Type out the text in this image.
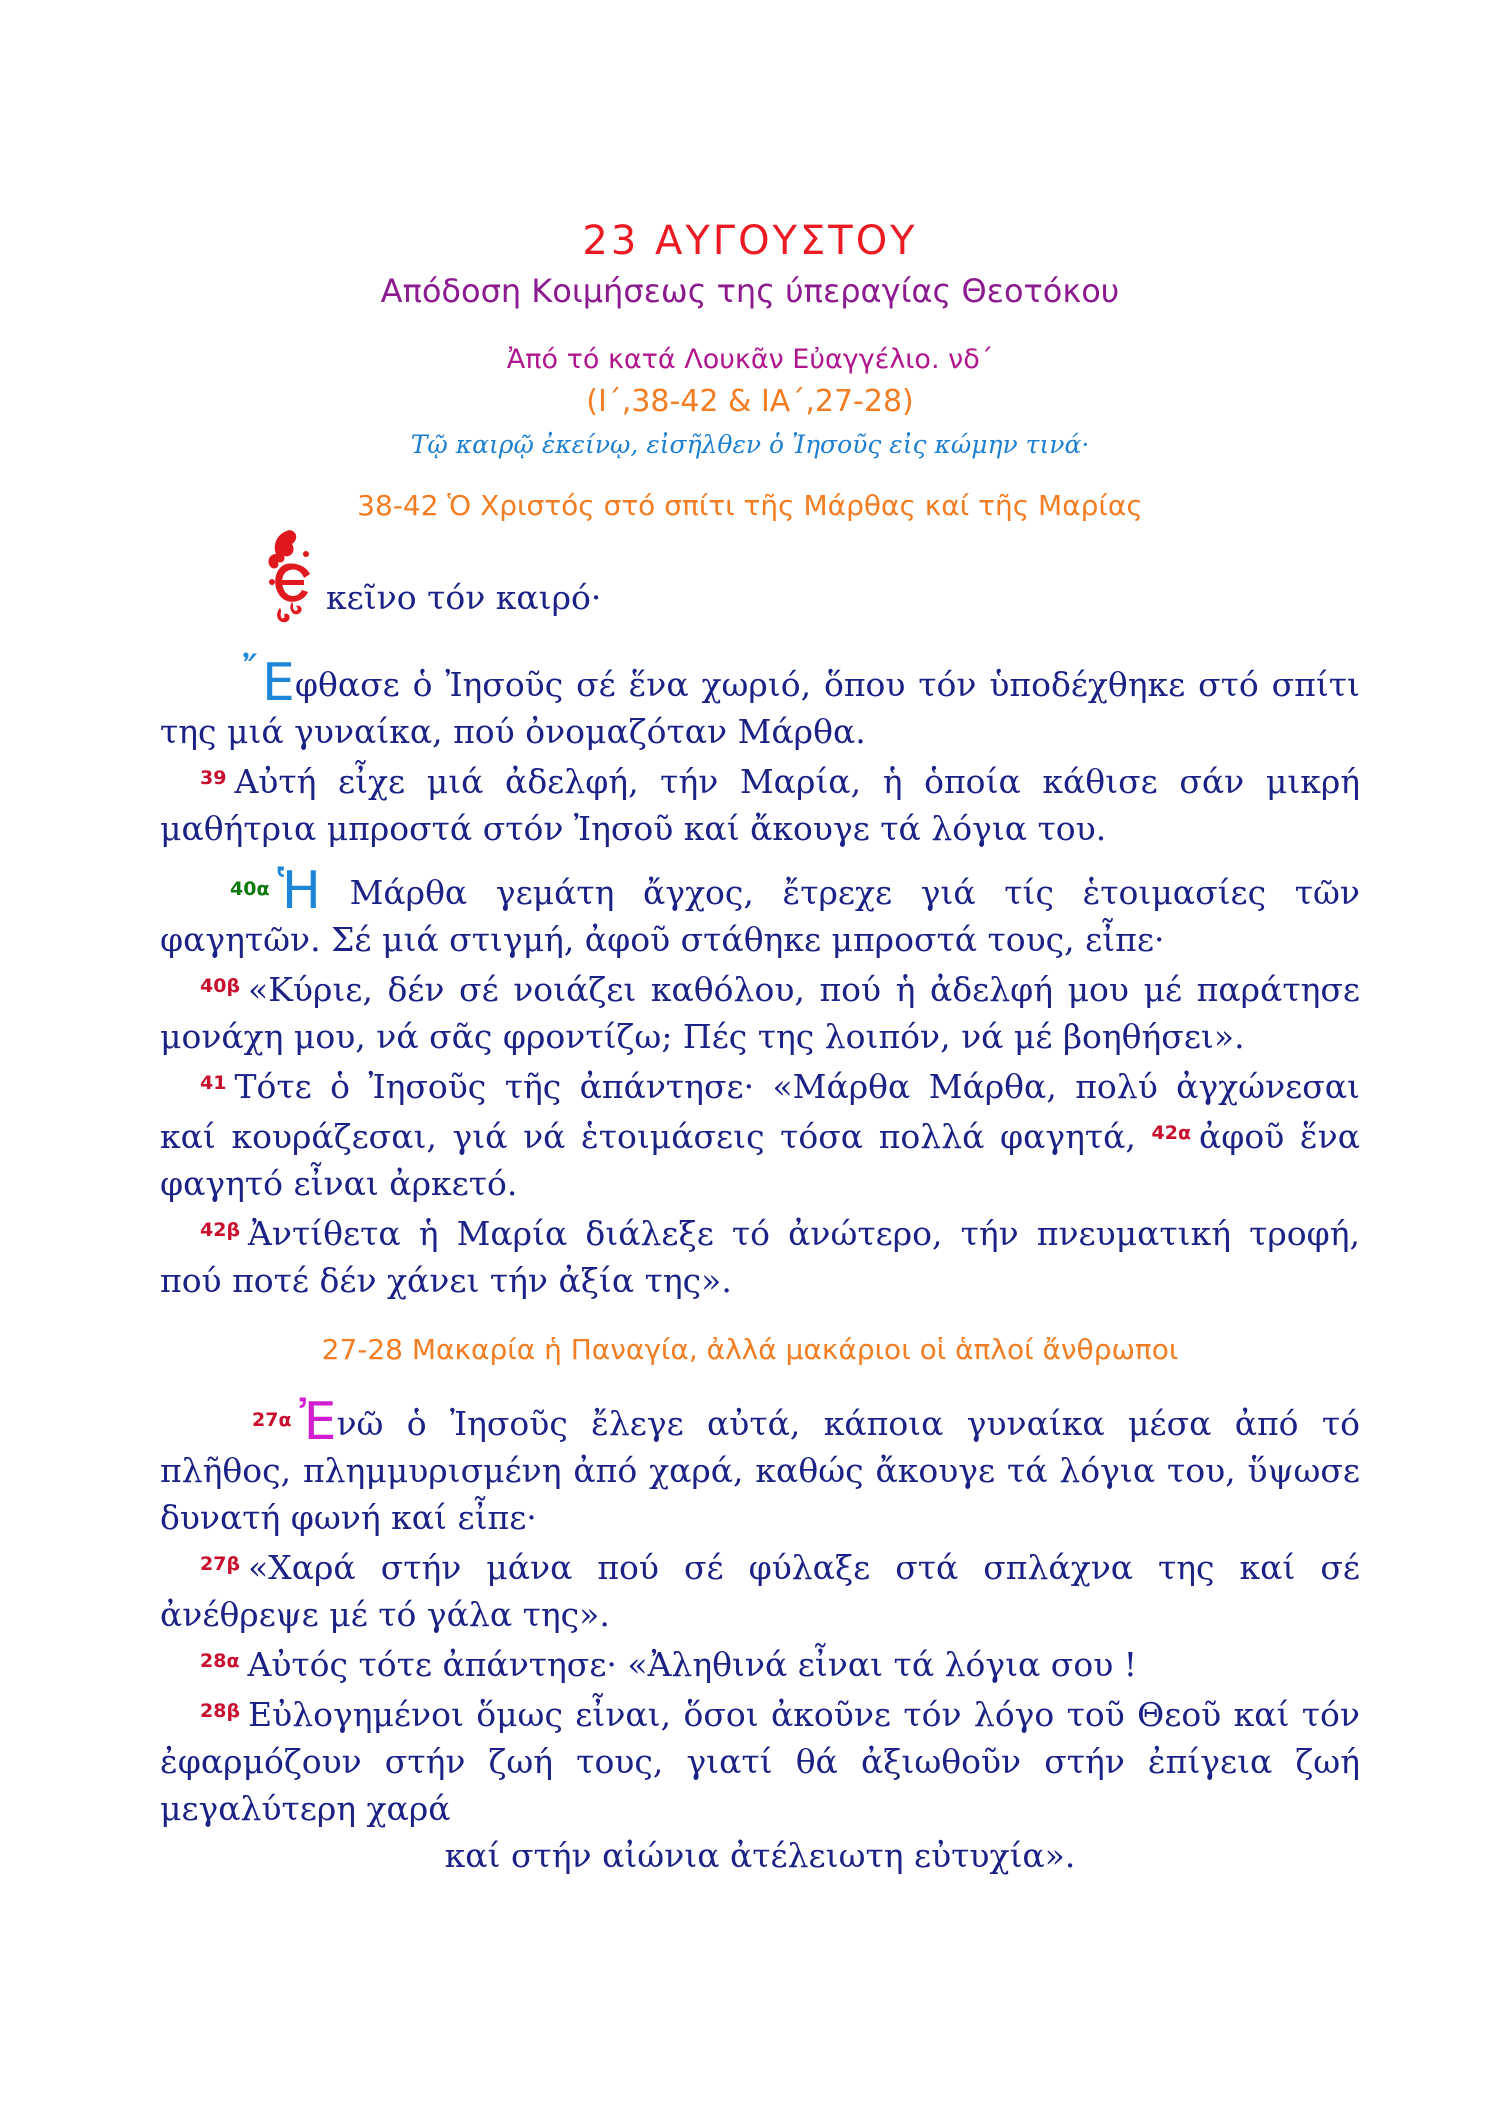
23 ΑΥΓΟΥΣΤΟΥ
Απόδοση Κοιμήσεως της ύπεραγίας Θεοτόκου
Ἀπό τό κατά Λουκᾶν Εὐαγγέλιο. νδ΄
(Ι΄,38-42 & ΙΑ΄,27-28)
Τῷ καιρῷ ἐκείνῳ, εἰσῆλθεν ὁ Ἰησοῦς εἰς κώμην τινά·
38-42 Ὁ Χριστός στό σπίτι τῆς Μάρθας καί τῆς Μαρίας
κεῖνο τόν καιρό·

῎Εφθασε ὁ Ἰησοῦς σέ ἕνα χωριό, ὅπου τόν ὑποδέχθηκε στό σπίτι της μιά γυναίκα, πού ὀνομαζόταν Μάρθα.

$^{39}$ Αὐτή εἶχε μιά ἀδελφή, τήν Μαρία, ἡ ὁποία κάθισε σάν μικρή μαθήτρια μπροστά στόν Ἰησοῦ καί ἄκουγε τά λόγια του.

$^{40\alpha}$ Ἡ Μάρθα γεμάτη ἄγχος, ἔτρεχε γιά τίς ἑτοιμασίες τῶν φαγητῶν. Σέ μιά στιγμή, ἀφοῦ στάθηκε μπροστά τους, εἶπε·

$^{40\beta}$ «Κύριε, δέν σέ νοιάζει καθόλου, πού ἡ ἀδελφή μου μέ παράτησε μονάχη μου, νά σᾶς φροντίζω; Πές της λοιπόν, νά μέ βοηθήσει».

$^{41}$ Τότε ὁ Ἰησοῦς τῆς ἀπάντησε· «Μάρθα Μάρθα, πολύ ἀγχώνεσαι καί κουράζεσαι, γιά νά ἑτοιμάσεις τόσα πολλά φαγητά, $^{42\alpha}$ ἀφοῦ ἕνα φαγητό εἶναι ἀρκετό.

$^{42\beta}$ Ἀντίθετα ἡ Μαρία διάλεξε τό ἀνώτερο, τήν πνευματική τροφή, πού ποτέ δέν χάνει τήν ἀξία της».

27-28 Μακαρία ἡ Παναγία, ἀλλά μακάριοι οἱ ἁπλοί ἄνθρωποι

$^{27\alpha}$ Ἐνῶ ὁ Ἰησοῦς ἔλεγε αὐτά, κάποια γυναίκα μέσα ἀπό τό πλῆθος, πλημμυρισμένη ἀπό χαρά, καθώς ἄκουγε τά λόγια του, ὕψωσε δυνατή φωνή καί εἶπε·

$^{27\beta}$ «Χαρά στήν μάνα πού σέ φύλαξε στά σπλάχνα της καί σέ ἀνέθρεψε μέ τό γάλα της».

$^{28\alpha}$ Αὐτός τότε ἀπάντησε· «Ἀληθινά εἶναι τά λόγια σου !

$^{28\beta}$ Εὐλογημένοι ὅμως εἶναι, ὅσοι ἀκοῦνε τόν λόγο τοῦ Θεοῦ καί τόν ἐφαρμόζουν στήν ζωή τους, γιατί θά ἀξιωθοῦν στήν ἐπίγεια ζωή μεγαλύτερη χαρά

καί στήν αἰώνια ἀτέλειωτη εὐτυχία».
